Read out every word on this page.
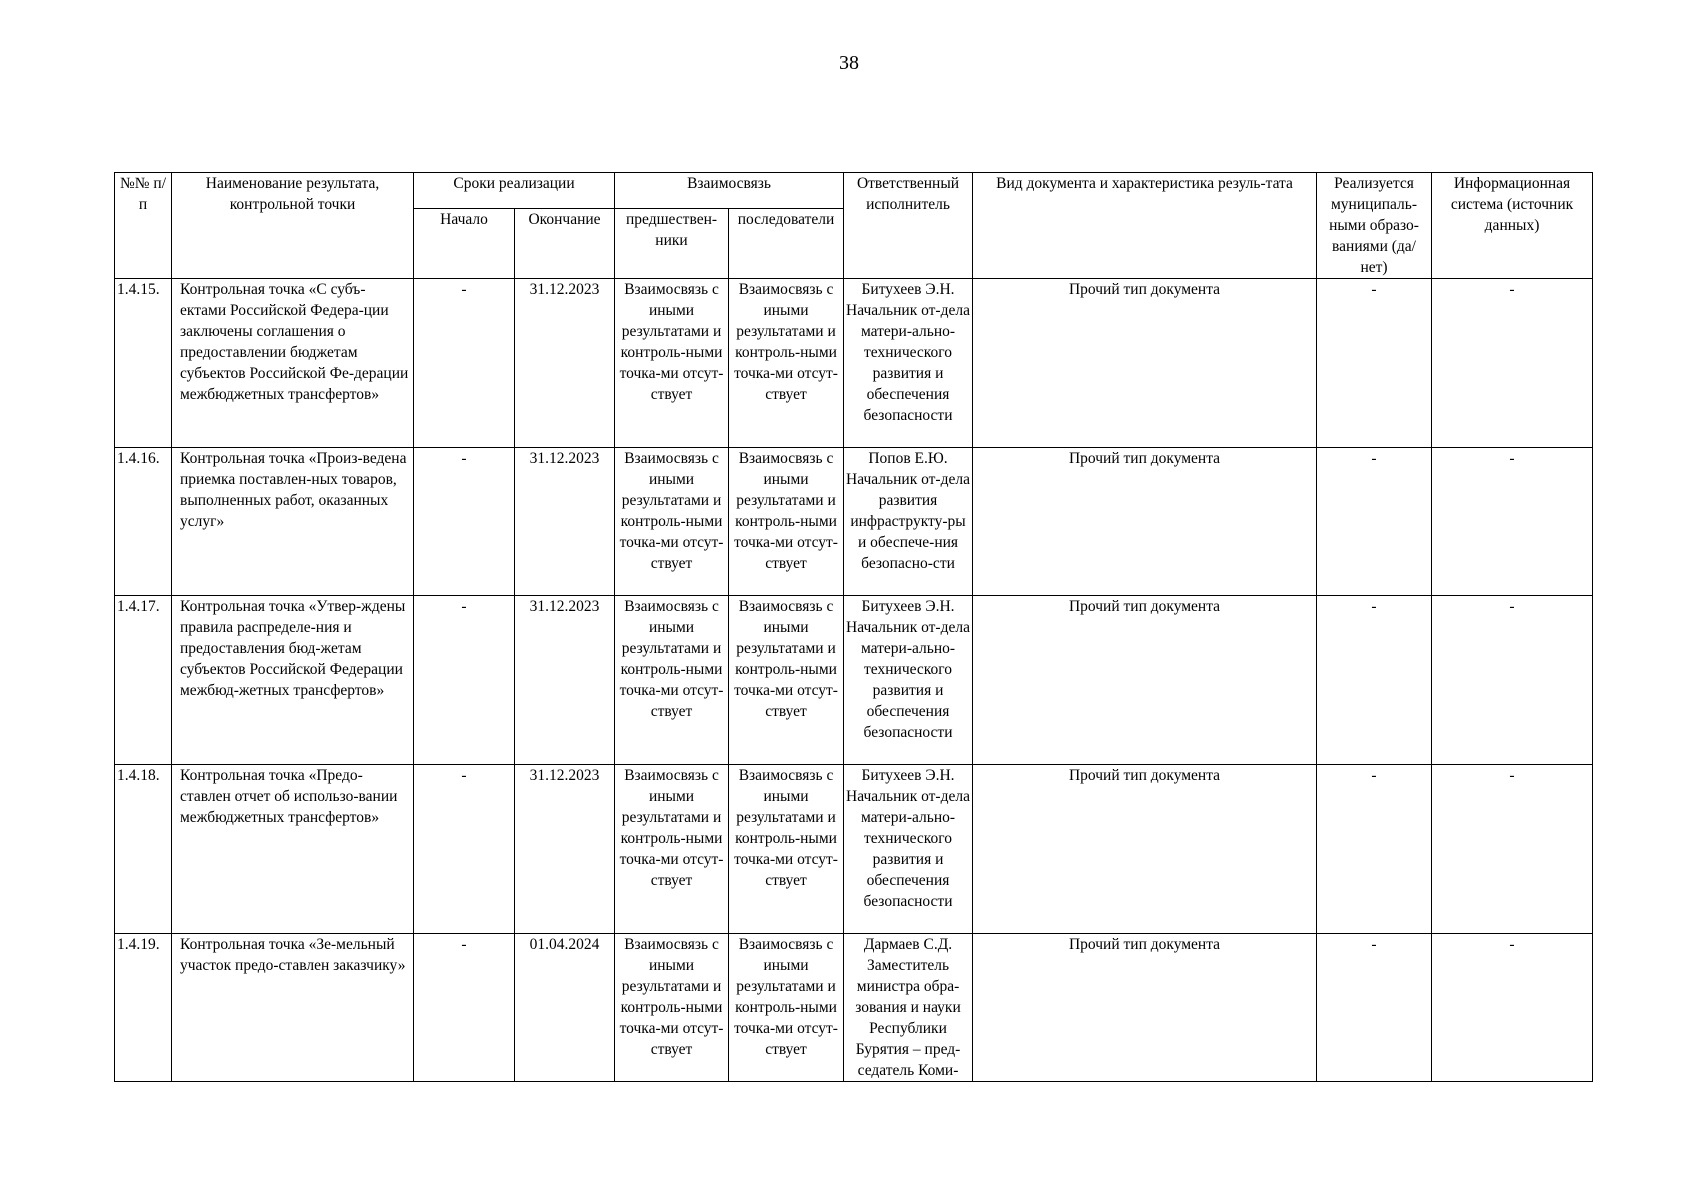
38
№№ п/п	Наименование результата, контрольной точки	Сроки реализации		Взаимосвязь		Ответственный исполнитель	Вид документа и характеристика резуль-тата	Реализуется муниципаль-ными образо-ваниями (да/нет)	Информационная система (источник данных)
		Начало	Окончание	предшествен-ники	последователи				
1.4.15.	Контрольная точка «С субъ-ектами Российской Федера-ции заключены соглашения о предоставлении бюджетам субъектов Российской Фе-дерации межбюджетных трансфертов»	-	31.12.2023	Взаимосвязь с иными результатами и контроль-ными точка-ми отсут-ствует	Взаимосвязь с иными результатами и контроль-ными точка-ми отсут-ствует	Битухеев Э.Н. Начальник от-дела матери-ально-технического развития и обеспечения безопасности	Прочий тип документа	-	-
1.4.16.	Контрольная точка «Произ-ведена приемка поставлен-ных товаров, выполненных работ, оказанных услуг»	-	31.12.2023	Взаимосвязь с иными результатами и контроль-ными точка-ми отсут-ствует	Взаимосвязь с иными результатами и контроль-ными точка-ми отсут-ствует	Попов Е.Ю. Начальник от-дела развития инфраструкту-ры и обеспече-ния безопасно-сти	Прочий тип документа	-	-
1.4.17.	Контрольная точка «Утвер-ждены правила распределе-ния и предоставления бюд-жетам субъектов Российской Федерации межбюд-жетных трансфертов»	-	31.12.2023	Взаимосвязь с иными результатами и контроль-ными точка-ми отсут-ствует	Взаимосвязь с иными результатами и контроль-ными точка-ми отсут-ствует	Битухеев Э.Н. Начальник от-дела матери-ально-технического развития и обеспечения безопасности	Прочий тип документа	-	-
1.4.18.	Контрольная точка «Предо-ставлен отчет об использо-вании межбюджетных трансфертов»	-	31.12.2023	Взаимосвязь с иными результатами и контроль-ными точка-ми отсут-ствует	Взаимосвязь с иными результатами и контроль-ными точка-ми отсут-ствует	Битухеев Э.Н. Начальник от-дела матери-ально-технического развития и обеспечения безопасности	Прочий тип документа	-	-
1.4.19.	Контрольная точка «Зе-мельный участок предо-ставлен заказчику»	-	01.04.2024	Взаимосвязь с иными результатами и контроль-ными точка-ми отсут-ствует	Взаимосвязь с иными результатами и контроль-ными точка-ми отсут-ствует	Дармаев С.Д. Заместитель министра обра-зования и науки Республики Бурятия – пред-седатель Коми-	Прочий тип документа	-	-
